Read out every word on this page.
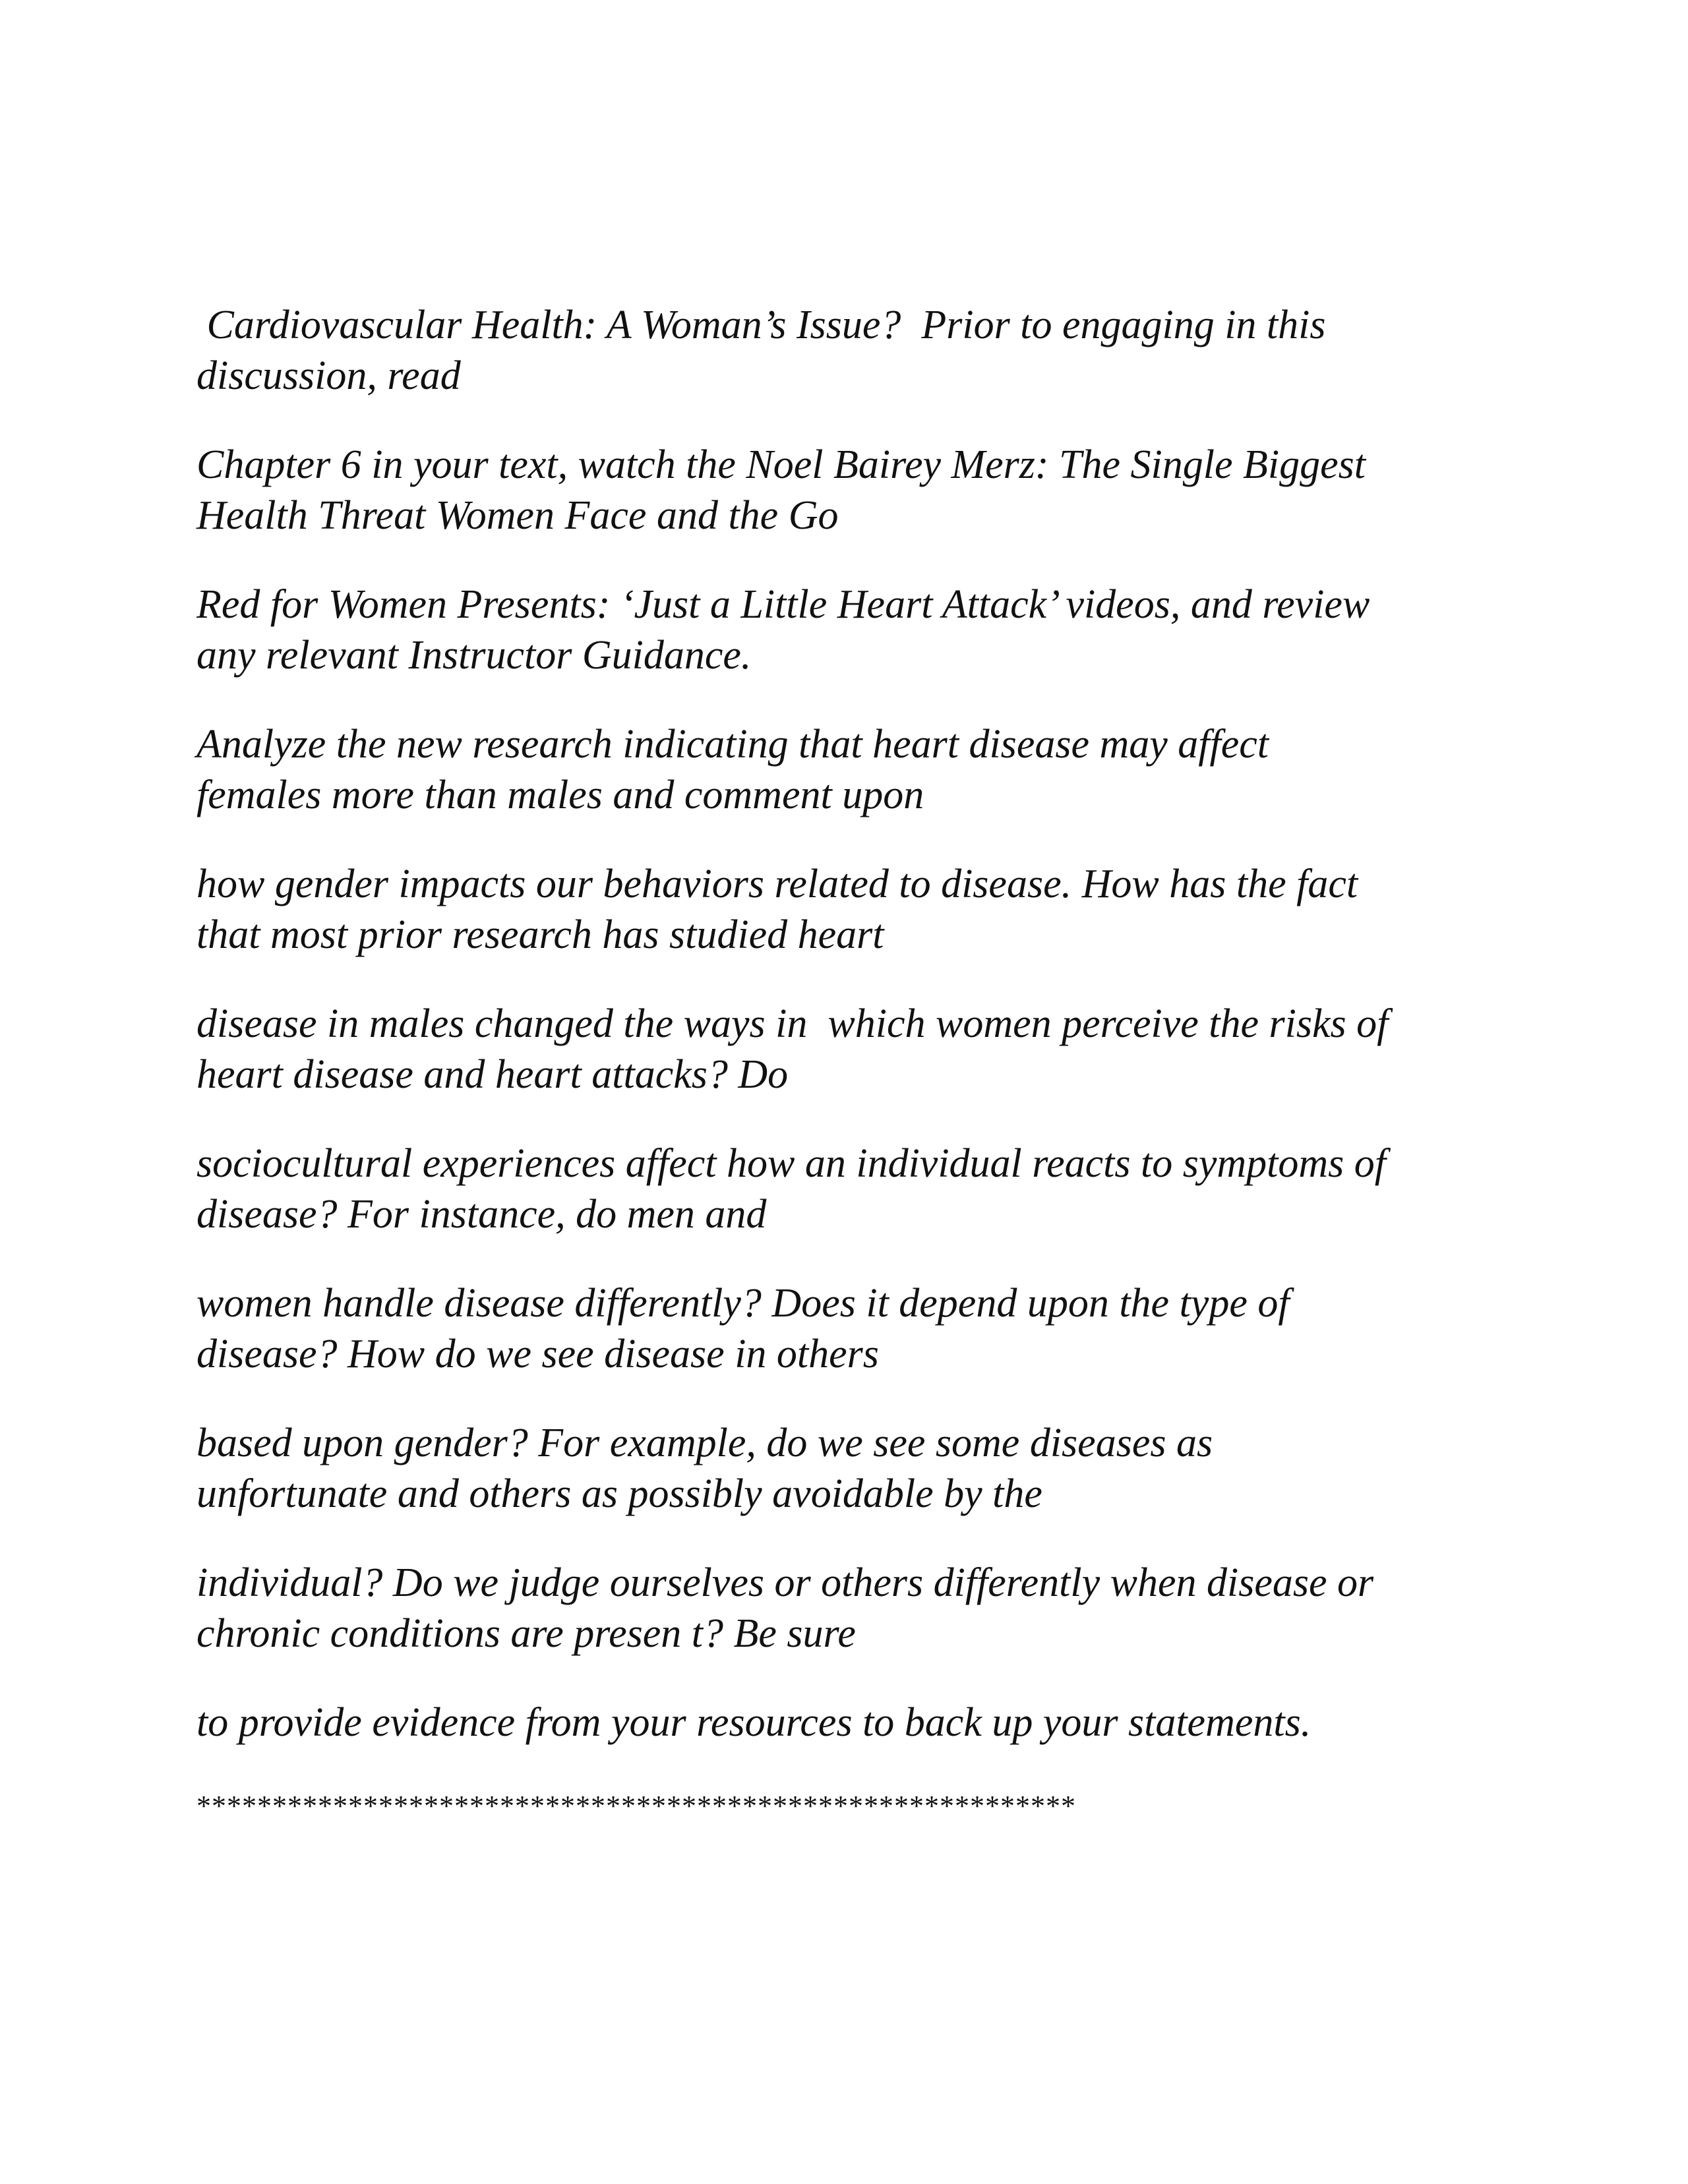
Cardiovascular Health: A Woman’s Issue?  Prior to engaging in this
discussion, read

Chapter 6 in your text, watch the Noel Bairey Merz: The Single Biggest
Health Threat Women Face and the Go

Red for Women Presents: ‘Just a Little Heart Attack’ videos, and review
any relevant Instructor Guidance.

Analyze the new research indicating that heart disease may affect
females more than males and comment upon

how gender impacts our behaviors related to disease. How has the fact
that most prior research has studied heart

disease in males changed the ways in  which women perceive the risks of
heart disease and heart attacks? Do

sociocultural experiences affect how an individual reacts to symptoms of
disease? For instance, do men and

women handle disease differently? Does it depend upon the type of
disease? How do we see disease in others

based upon gender? For example, do we see some diseases as
unfortunate and others as possibly avoidable by the

individual? Do we judge ourselves or others differently when disease or
chronic conditions are presen t? Be sure

to provide evidence from your resources to back up your statements.

**********************************************************
